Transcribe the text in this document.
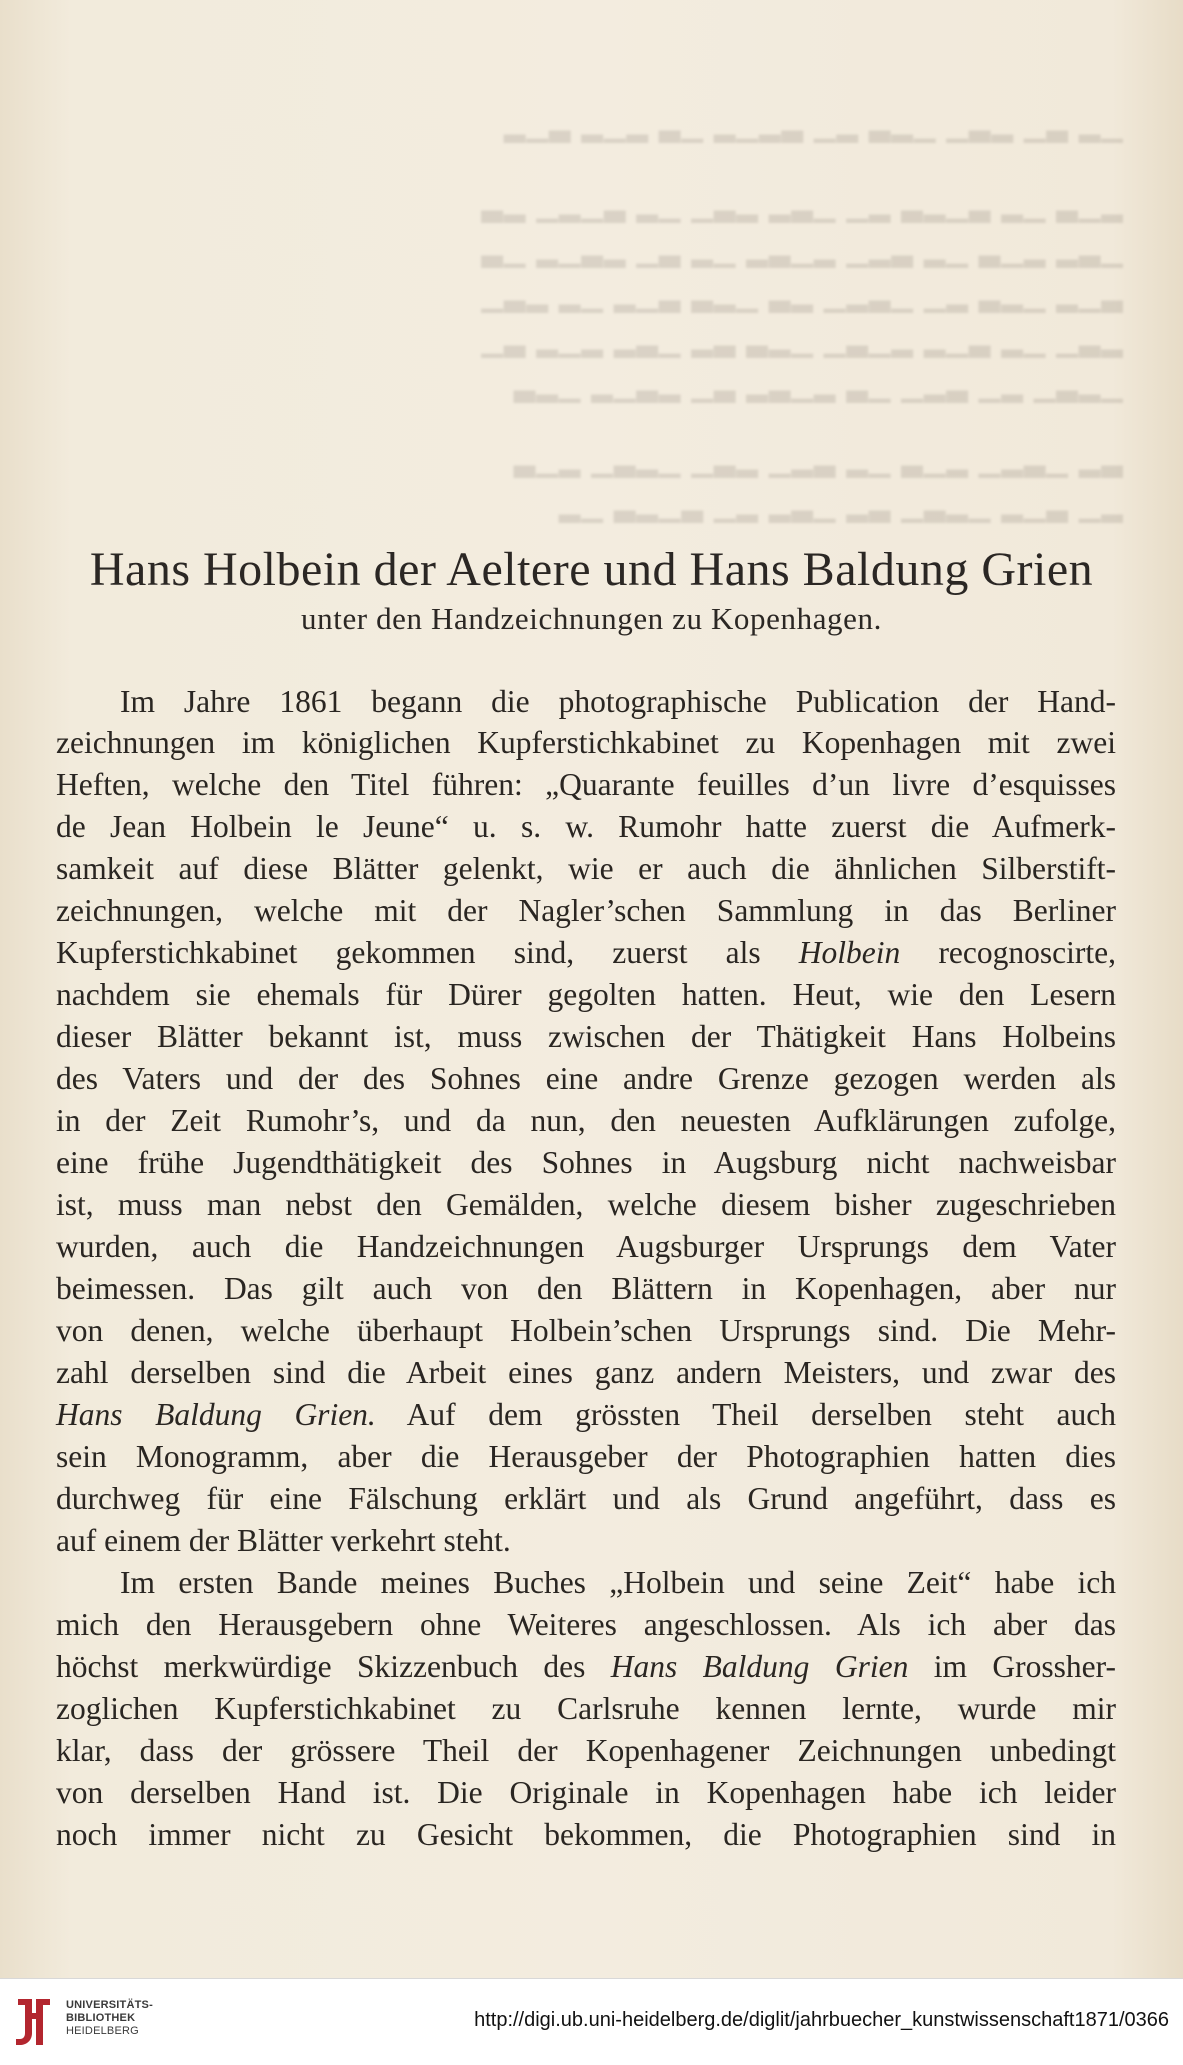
▁▂ ▃▁ ▂▃▁ ▁▂▃ ▂▁ ▃▂▁▂ ▁▃ ▂▁▂ ▃▁▂
▂▁▃ ▁▂ ▃▁▂▃ ▂▁ ▁▃▂ ▂▃▁ ▁▂ ▃▁▂▁ ▂▃
▁▃▂ ▂▁▃ ▁▂ ▃▂▁ ▂▁▃▂ ▁▂ ▃▁ ▂▃▁▂ ▁▃
▃▁▂ ▁▂▃ ▂▁ ▁▃▂▁ ▂▃ ▁▂▃ ▃▁▂ ▁▂ ▂▃▁
▂▃▁ ▁▂ ▃▁▂ ▂▁▃▁ ▁▂▃ ▃▂ ▁▃▂ ▂▁▂ ▃▁
▁▂▃▁ ▂▁ ▃▂▁ ▁▃ ▂▁▃▂ ▃▁ ▂▃▁▂ ▁▂▃
▃▂ ▁▃▂▁ ▂▁▃ ▁▂ ▃▂▁ ▂▃▁ ▁▂▃▁ ▂▁▃
▂▁ ▃▁▂ ▁▂▃▁ ▃▂ ▁▃▂ ▂▁ ▃▁▂▃ ▁▂
Hans Holbein der Aeltere und Hans Baldung Grien
unter den Handzeichnungen zu Kopenhagen.
Im Jahre 1861 begann die photographische Publication der Hand-
zeichnungen im königlichen Kupferstichkabinet zu Kopenhagen mit zwei
Heften, welche den Titel führen: „Quarante feuilles d’un livre d’esquisses
de Jean Holbein le Jeune“ u. s. w. Rumohr hatte zuerst die Aufmerk-
samkeit auf diese Blätter gelenkt, wie er auch die ähnlichen Silberstift-
zeichnungen, welche mit der Nagler’schen Sammlung in das Berliner
Kupferstichkabinet gekommen sind, zuerst als Holbein recognoscirte,
nachdem sie ehemals für Dürer gegolten hatten. Heut, wie den Lesern
dieser Blätter bekannt ist, muss zwischen der Thätigkeit Hans Holbeins
des Vaters und der des Sohnes eine andre Grenze gezogen werden als
in der Zeit Rumohr’s, und da nun, den neuesten Aufklärungen zufolge,
eine frühe Jugendthätigkeit des Sohnes in Augsburg nicht nachweisbar
ist, muss man nebst den Gemälden, welche diesem bisher zugeschrieben
wurden, auch die Handzeichnungen Augsburger Ursprungs dem Vater
beimessen. Das gilt auch von den Blättern in Kopenhagen, aber nur
von denen, welche überhaupt Holbein’schen Ursprungs sind. Die Mehr-
zahl derselben sind die Arbeit eines ganz andern Meisters, und zwar des
Hans Baldung Grien. Auf dem grössten Theil derselben steht auch
sein Monogramm, aber die Herausgeber der Photographien hatten dies
durchweg für eine Fälschung erklärt und als Grund angeführt, dass es
auf einem der Blätter verkehrt steht.
Im ersten Bande meines Buches „Holbein und seine Zeit“ habe ich
mich den Herausgebern ohne Weiteres angeschlossen. Als ich aber das
höchst merkwürdige Skizzenbuch des Hans Baldung Grien im Grossher-
zoglichen Kupferstichkabinet zu Carlsruhe kennen lernte, wurde mir
klar, dass der grössere Theil der Kopenhagener Zeichnungen unbedingt
von derselben Hand ist. Die Originale in Kopenhagen habe ich leider
noch immer nicht zu Gesicht bekommen, die Photographien sind in
UNIVERSITÄTS-
BIBLIOTHEK
HEIDELBERG	http://digi.ub.uni-heidelberg.de/diglit/jahrbuecher_kunstwissenschaft1871/0366
